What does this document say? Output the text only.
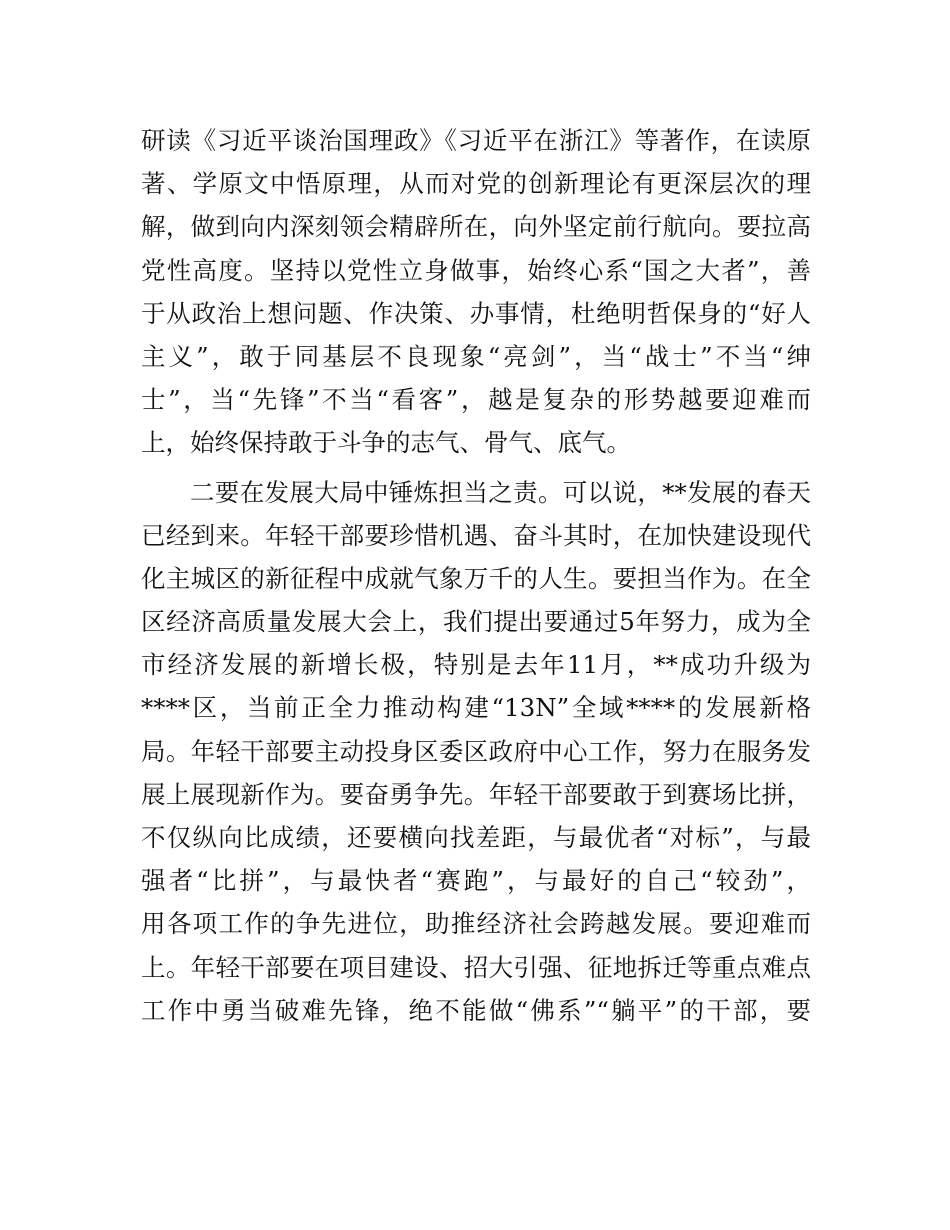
研读《习近平谈治国理政》《习近平在浙江》等著作，在读原
著、学原文中悟原理，从而对党的创新理论有更深层次的理
解，做到向内深刻领会精辟所在，向外坚定前行航向。要拉高
党性高度。坚持以党性立身做事，始终心系“国之大者”，善
于从政治上想问题、作决策、办事情，杜绝明哲保身的“好人
主义”，敢于同基层不良现象“亮剑”，当“战士”不当“绅
士”，当“先锋”不当“看客”，越是复杂的形势越要迎难而
上，始终保持敢于斗争的志气、骨气、底气。
二要在发展大局中锤炼担当之责。可以说，**发展的春天
已经到来。年轻干部要珍惜机遇、奋斗其时，在加快建设现代
化主城区的新征程中成就气象万千的人生。要担当作为。在全
区经济高质量发展大会上，我们提出要通过5年努力，成为全
市经济发展的新增长极，特别是去年11月，**成功升级为
****区，当前正全力推动构建“13N”全域****的发展新格
局。年轻干部要主动投身区委区政府中心工作，努力在服务发
展上展现新作为。要奋勇争先。年轻干部要敢于到赛场比拼，
不仅纵向比成绩，还要横向找差距，与最优者“对标”，与最
强者“比拼”，与最快者“赛跑”，与最好的自己“较劲”，
用各项工作的争先进位，助推经济社会跨越发展。要迎难而
上。年轻干部要在项目建设、招大引强、征地拆迁等重点难点
工作中勇当破难先锋，绝不能做“佛系”“躺平”的干部，要
